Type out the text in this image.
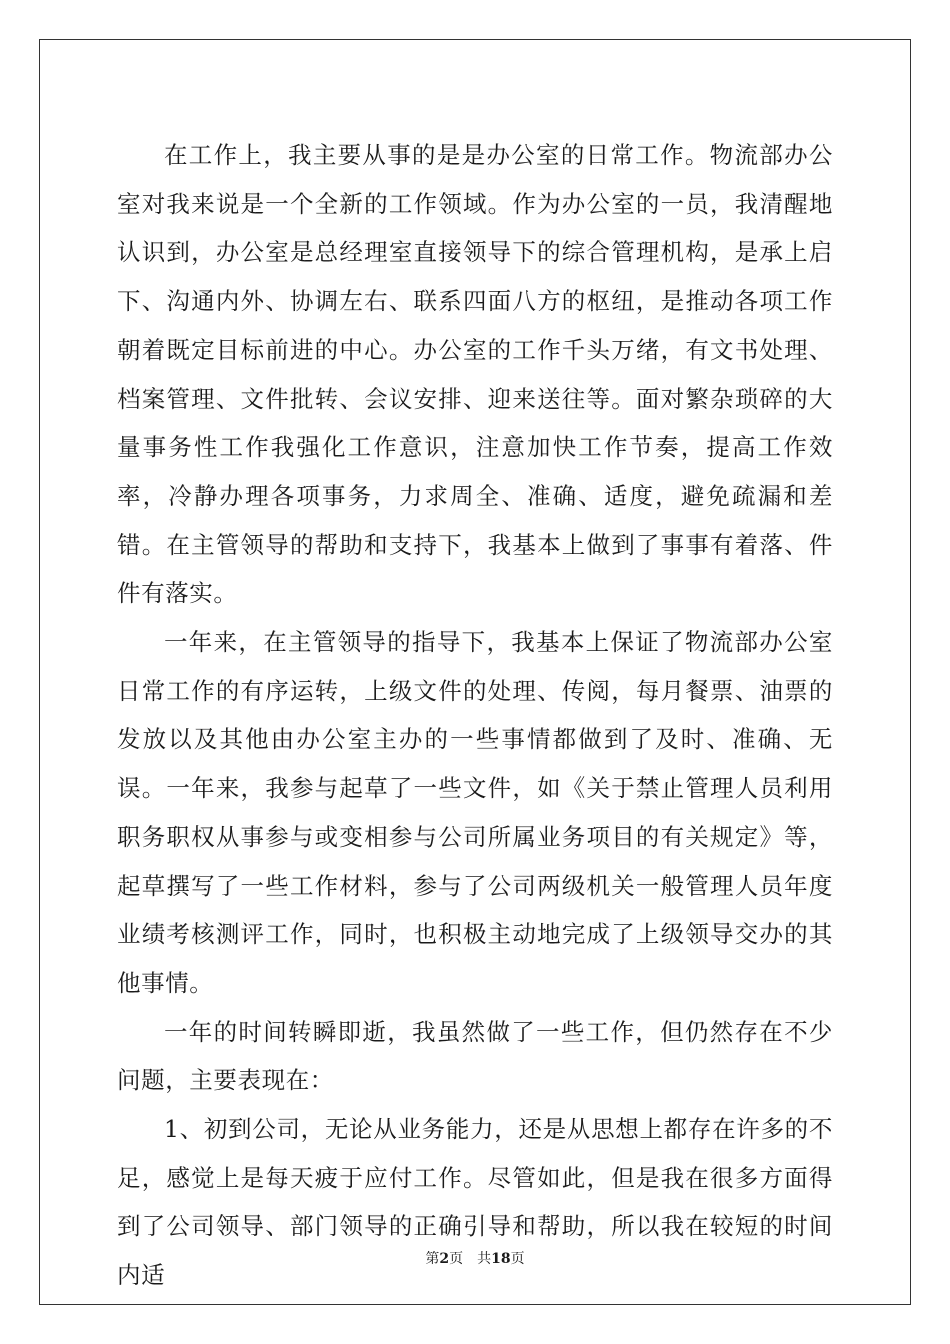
在工作上，我主要从事的是是办公室的日常工作。物流部办公室对我来说是一个全新的工作领域。作为办公室的一员，我清醒地认识到，办公室是总经理室直接领导下的综合管理机构，是承上启下、沟通内外、协调左右、联系四面八方的枢纽，是推动各项工作朝着既定目标前进的中心。办公室的工作千头万绪，有文书处理、档案管理、文件批转、会议安排、迎来送往等。面对繁杂琐碎的大量事务性工作我强化工作意识，注意加快工作节奏，提高工作效率，冷静办理各项事务，力求周全、准确、适度，避免疏漏和差错。在主管领导的帮助和支持下，我基本上做到了事事有着落、件件有落实。

一年来，在主管领导的指导下，我基本上保证了物流部办公室日常工作的有序运转，上级文件的处理、传阅，每月餐票、油票的发放以及其他由办公室主办的一些事情都做到了及时、准确、无误。一年来，我参与起草了一些文件，如《关于禁止管理人员利用职务职权从事参与或变相参与公司所属业务项目的有关规定》等，起草撰写了一些工作材料，参与了公司两级机关一般管理人员年度业绩考核测评工作，同时，也积极主动地完成了上级领导交办的其他事情。

一年的时间转瞬即逝，我虽然做了一些工作，但仍然存在不少问题，主要表现在：

1、初到公司，无论从业务能力，还是从思想上都存在许多的不足，感觉上是每天疲于应付工作。尽管如此，但是我在很多方面得到了公司领导、部门领导的正确引导和帮助，所以我在较短的时间内适

第2页　共18页
